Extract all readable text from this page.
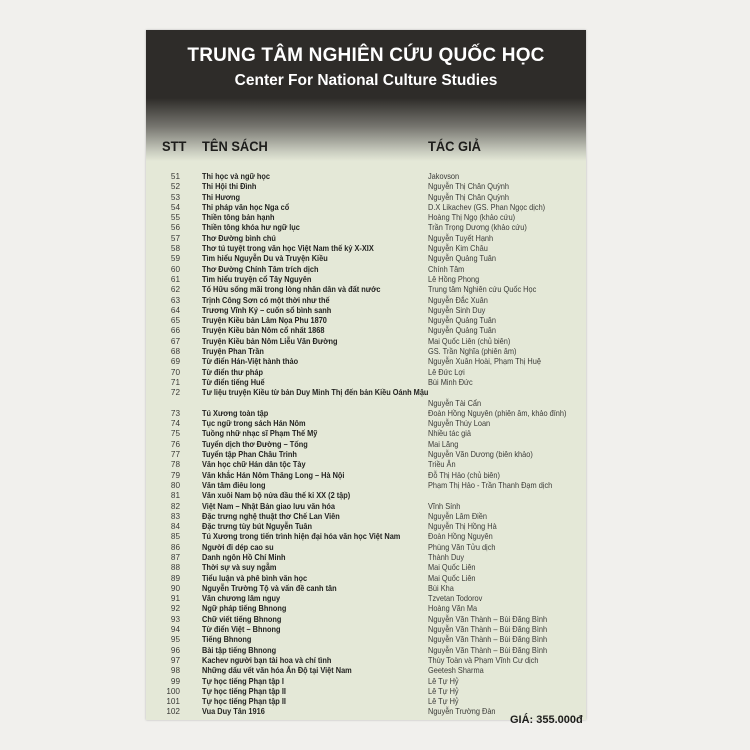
TRUNG TÂM NGHIÊN CỨU QUỐC HỌC
Center For National Culture Studies
STT TÊN SÁCH	TÁC GIẢ
51	Thi học và ngữ học	Jakovson
52	Thi Hội thi Đình	Nguyễn Thị Chân Quỳnh
53	Thi Hương	Nguyễn Thị Chân Quỳnh
54	Thi pháp văn học Nga cổ	D.X Likachev (GS. Phan Ngọc dịch)
55	Thiền tông bản hạnh	Hoàng Thị Ngọ (khảo cứu)
56	Thiền tông khóa hư ngữ lục	Trần Trọng Dương (khảo cứu)
57	Thơ Đường bình chú	Nguyễn Tuyết Hạnh
58	Thơ tú tuyệt trong văn học Việt Nam thế kỷ X-XIX	Nguyễn Kim Châu
59	Tìm hiểu Nguyễn Du và Truyện Kiều	Nguyễn Quảng Tuân
60	Thơ Đường Chính Tâm trích dịch	Chính Tâm
61	Tìm hiểu truyện cổ Tây Nguyên	Lê Hồng Phong
62	Tố Hữu sống mãi trong lòng nhân dân và đất nước	Trung tâm Nghiên cứu Quốc Học
63	Trịnh Công Sơn có một thời như thế	Nguyễn Đắc Xuân
64	Trương Vĩnh Ký – cuốn sổ bình sanh	Nguyễn Sinh Duy
65	Truyện Kiều bản Lâm Nọa Phu 1870	Nguyễn Quảng Tuân
66	Truyện Kiều bản Nôm cổ nhất 1868	Nguyễn Quảng Tuân
67	Truyện Kiều bản Nôm Liễu Văn Đường	Mai Quốc Liên (chủ biên)
68	Truyện Phan Trần	GS. Trần Nghĩa (phiên âm)
69	Từ điển Hán-Việt hành thảo	Nguyễn Xuân Hoài, Phạm Thị Huệ
70	Từ điển thư pháp	Lê Đức Lợi
71	Từ điển tiếng Huế	Bùi Minh Đức
72	Tư liệu truyện Kiều từ bản Duy Minh Thị đến bản Kiều Oánh Mậu
Nguyễn Tài Cẩn
73	Tú Xương toàn tập	Đoàn Hồng Nguyên (phiên âm, khảo đính)
74	Tục ngữ trong sách Hán Nôm	Nguyễn Thúy Loan
75	Tuồng nhữ nhạc sĩ Phạm Thế Mỹ	Nhiều tác giả
76	Tuyển dịch thơ Đường – Tống	Mai Lăng
77	Tuyển tập Phan Châu Trinh	Nguyễn Văn Dương (biên khảo)
78	Văn học chữ Hán dân tộc Tày	Triều Ân
79	Văn khắc Hán Nôm Thăng Long – Hà Nội	Đỗ Thị Hảo (chủ biên)
80	Văn tâm điêu long	Phạm Thị Hảo - Trần Thanh Đạm dịch
81	Văn xuôi Nam bộ nửa đầu thế kỉ XX (2 tập)
82	Việt Nam – Nhật Bản giao lưu văn hóa	Vĩnh Sính
83	Đặc trưng nghệ thuật thơ Chế Lan Viên	Nguyễn Lâm Điền
84	Đặc trưng tùy bút Nguyễn Tuân	Nguyễn Thị Hồng Hà
85	Tú Xương trong tiến trình hiện đại hóa văn học Việt Nam	Đoàn Hồng Nguyên
86	Người đi dép cao su	Phùng Văn Tửu dịch
87	Danh ngôn Hồ Chí Minh	Thành Duy
88	Thời sự và suy ngẫm	Mai Quốc Liên
89	Tiểu luận và phê bình văn học	Mai Quốc Liên
90	Nguyễn Trường Tộ và vấn đề canh tân	Bùi Kha
91	Văn chương lâm nguy	Tzvetan Todorov
92	Ngữ pháp tiếng Bhnong	Hoàng Văn Ma
93	Chữ viết tiếng Bhnong	Nguyễn Văn Thành – Bùi Đăng Bình
94	Từ điển Việt – Bhnong	Nguyễn Văn Thành – Bùi Đăng Bình
95	Tiếng Bhnong	Nguyễn Văn Thành – Bùi Đăng Bình
96	Bài tập tiếng Bhnong	Nguyễn Văn Thành – Bùi Đăng Bình
97	Kachev người bạn tài hoa và chí tình	Thùy Toàn và Phạm Vĩnh Cư dịch
98	Những dấu vết văn hóa Ấn Độ tại Việt Nam	Geetesh Sharma
99	Tự học tiếng Phạn tập I	Lê Tự Hỷ
100	Tự học tiếng Phạn tập II	Lê Tự Hỷ
101	Tự học tiếng Phạn tập II	Lê Tự Hỷ
102	Vua Duy Tân 1916	Nguyễn Trường Đàn
GIÁ: 355.000đ
